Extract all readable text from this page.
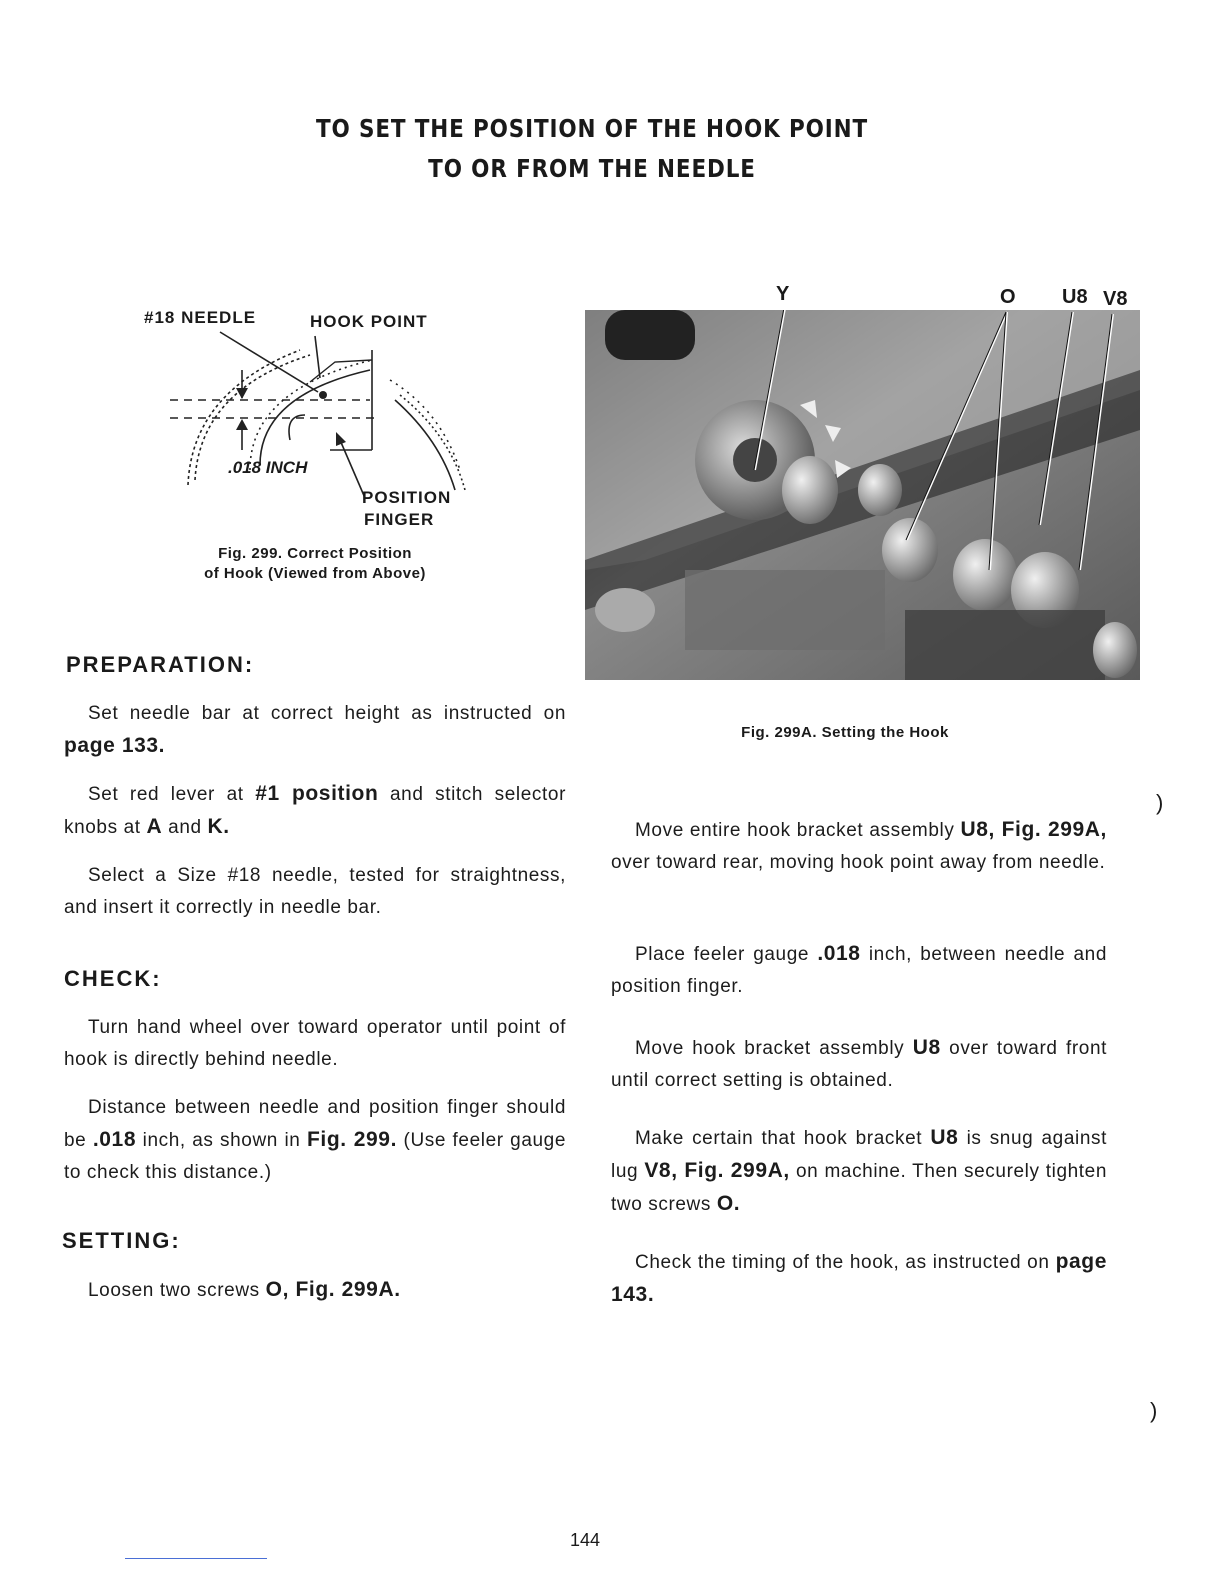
TO SET THE POSITION OF THE HOOK POINT
TO OR FROM THE NEEDLE
#18 NEEDLE	HOOK POINT
.018 INCH
POSITION
FINGER
Fig. 299. Correct Position
of Hook (Viewed from Above)
Y	O U8 V8
Fig. 299A. Setting the Hook
PREPARATION:
Set needle bar at correct height as instructed on page 133.
Set red lever at #1 position and stitch selector knobs at A and K.
Select a Size #18 needle, tested for straightness, and insert it correctly in needle bar.
CHECK:
Turn hand wheel over toward operator until point of hook is directly behind needle.
Distance between needle and position finger should be .018 inch, as shown in Fig. 299. (Use feeler gauge to check this distance.)
SETTING:
Loosen two screws O, Fig. 299A.
Move entire hook bracket assembly U8, Fig. 299A, over toward rear, moving hook point away from needle.
Place feeler gauge .018 inch, between needle and position finger.
Move hook bracket assembly U8 over toward front until correct setting is obtained.
Make certain that hook bracket U8 is snug against lug V8, Fig. 299A, on machine. Then securely tighten two screws O.
Check the timing of the hook, as instructed on page 143.
)
)
144
